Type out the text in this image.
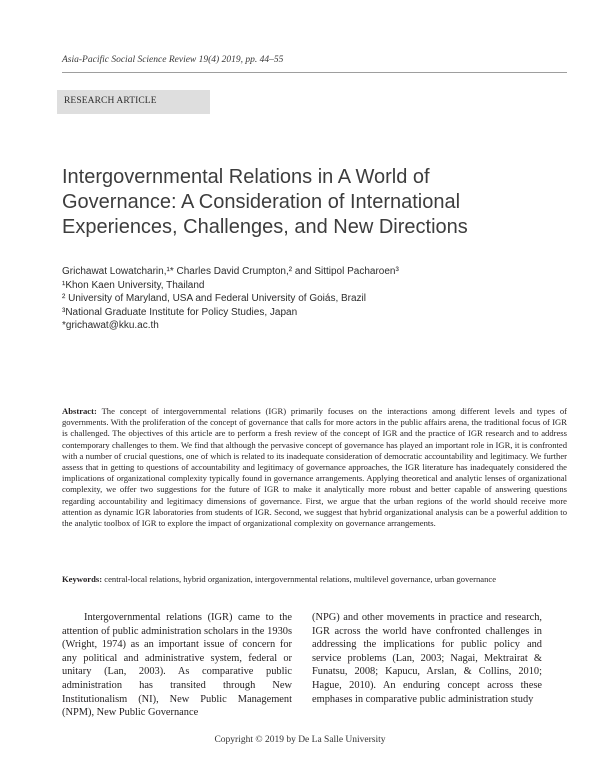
Asia-Pacific Social Science Review 19(4) 2019, pp. 44–55
RESEARCH ARTICLE
Intergovernmental Relations in A World of
Governance: A Consideration of International
Experiences, Challenges, and New Directions
Grichawat Lowatcharin,¹* Charles David Crumpton,² and Sittipol Pacharoen³
¹Khon Kaen University, Thailand
² University of Maryland, USA and Federal University of Goiás, Brazil
³National Graduate Institute for Policy Studies, Japan
*grichawat@kku.ac.th
Abstract: The concept of intergovernmental relations (IGR) primarily focuses on the interactions among different levels and types of governments. With the proliferation of the concept of governance that calls for more actors in the public affairs arena, the traditional focus of IGR is challenged. The objectives of this article are to perform a fresh review of the concept of IGR and the practice of IGR research and to address contemporary challenges to them. We find that although the pervasive concept of governance has played an important role in IGR, it is confronted with a number of crucial questions, one of which is related to its inadequate consideration of democratic accountability and legitimacy. We further assess that in getting to questions of accountability and legitimacy of governance approaches, the IGR literature has inadequately considered the implications of organizational complexity typically found in governance arrangements. Applying theoretical and analytic lenses of organizational complexity, we offer two suggestions for the future of IGR to make it analytically more robust and better capable of answering questions regarding accountability and legitimacy dimensions of governance. First, we argue that the urban regions of the world should receive more attention as dynamic IGR laboratories from students of IGR. Second, we suggest that hybrid organizational analysis can be a powerful addition to the analytic toolbox of IGR to explore the impact of organizational complexity on governance arrangements.
Keywords: central-local relations, hybrid organization, intergovernmental relations, multilevel governance, urban governance

Intergovernmental relations (IGR) came to the attention of public administration scholars in the 1930s (Wright, 1974) as an important issue of concern for any political and administrative system, federal or unitary (Lan, 2003). As comparative public administration has transited through New Institutionalism (NI), New Public Management (NPM), New Public Governance

(NPG) and other movements in practice and research, IGR across the world have confronted challenges in addressing the implications for public policy and service problems (Lan, 2003; Nagai, Mektrairat & Funatsu, 2008; Kapucu, Arslan, & Collins, 2010; Hague, 2010). An enduring concept across these emphases in comparative public administration study

Copyright © 2019 by De La Salle University
